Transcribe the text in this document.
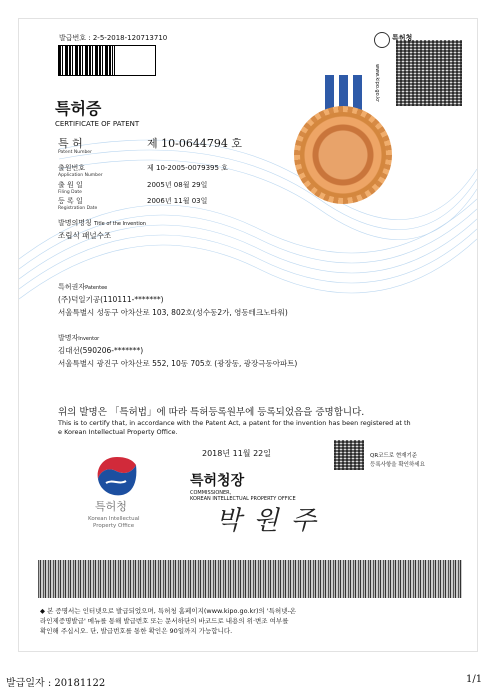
발급번호 : 2-5-2018-120713710	특허청
www.kipo.go.kr
특허증
CERTIFICATE OF PATENT
특 허
Patent Number
제 10-0644794 호
출원번호
Application Number
제 10-2005-0079395 호
출 원 일
Filing Date
2005년 08월 29일
등 록 일
Registration Date
2006년 11월 03일
발명의명칭 Title of the Invention
조립식 패널수조
특허권자Patentee
(주)덕일기공(110111-*******)
서울특별시 성동구 아차산로 103, 802호(성수동2가, 영동테크노타워)
발명자Inventor
김대선(590206-*******)
서울특별시 광진구 아차산로 552, 10동 705호 (광장동, 광장극동아파트)
위의 발명은 「특허법」에 따라 특허등록원부에 등록되었음을 증명합니다.
This is to certify that, in accordance with the Patent Act, a patent for the invention has been registered at th
e Korean Intellectual Property Office.
2018년 11월 22일	QR코드로 현재기준
등록사항을 확인하세요
특허청장
COMMISSIONER,
KOREAN INTELLECTUAL PROPERTY OFFICE
박 원 주
특허청
Korean Intellectual
Property Office
◆ 본 증명서는 인터넷으로 발급되었으며, 특허청 홈페이지(www.kipo.go.kr)의 '특허넷-온
라인제증명발급' 메뉴를 통해 발급번호 또는 문서하단의 바코드로 내용의 위·변조 여부를
확인해 주십시오. 단, 발급번호를 통한 확인은 90일까지 가능합니다.
발급일자 : 20181122	1/1
